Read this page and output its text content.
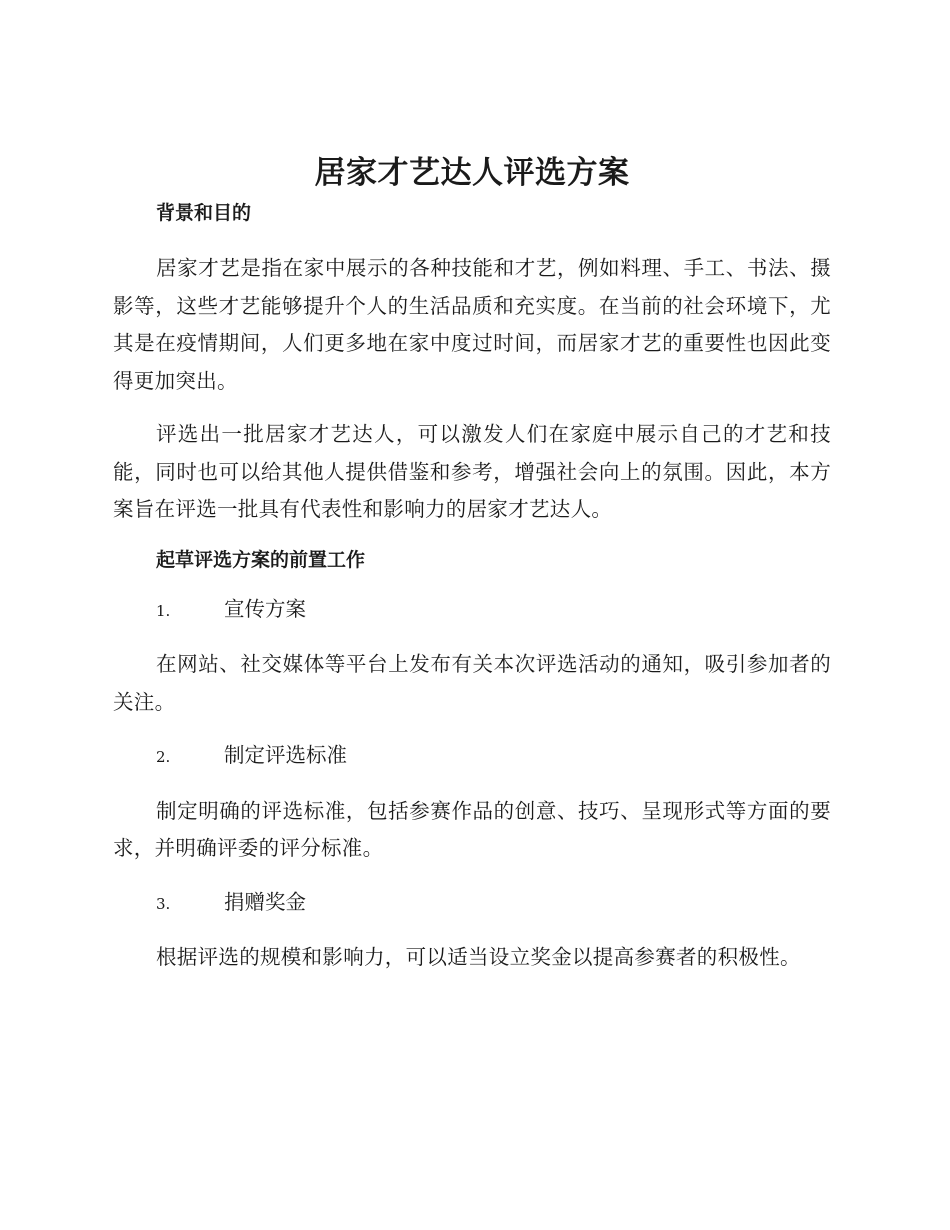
居家才艺达人评选方案
背景和目的

居家才艺是指在家中展示的各种技能和才艺，例如料理、手工、书法、摄影等，这些才艺能够提升个人的生活品质和充实度。在当前的社会环境下，尤其是在疫情期间，人们更多地在家中度过时间，而居家才艺的重要性也因此变得更加突出。

评选出一批居家才艺达人，可以激发人们在家庭中展示自己的才艺和技能，同时也可以给其他人提供借鉴和参考，增强社会向上的氛围。因此，本方案旨在评选一批具有代表性和影响力的居家才艺达人。

起草评选方案的前置工作
1.	宣传方案

在网站、社交媒体等平台上发布有关本次评选活动的通知，吸引参加者的关注。

2.	制定评选标准

制定明确的评选标准，包括参赛作品的创意、技巧、呈现形式等方面的要求，并明确评委的评分标准。

3.	捐赠奖金

根据评选的规模和影响力，可以适当设立奖金以提高参赛者的积极性。
